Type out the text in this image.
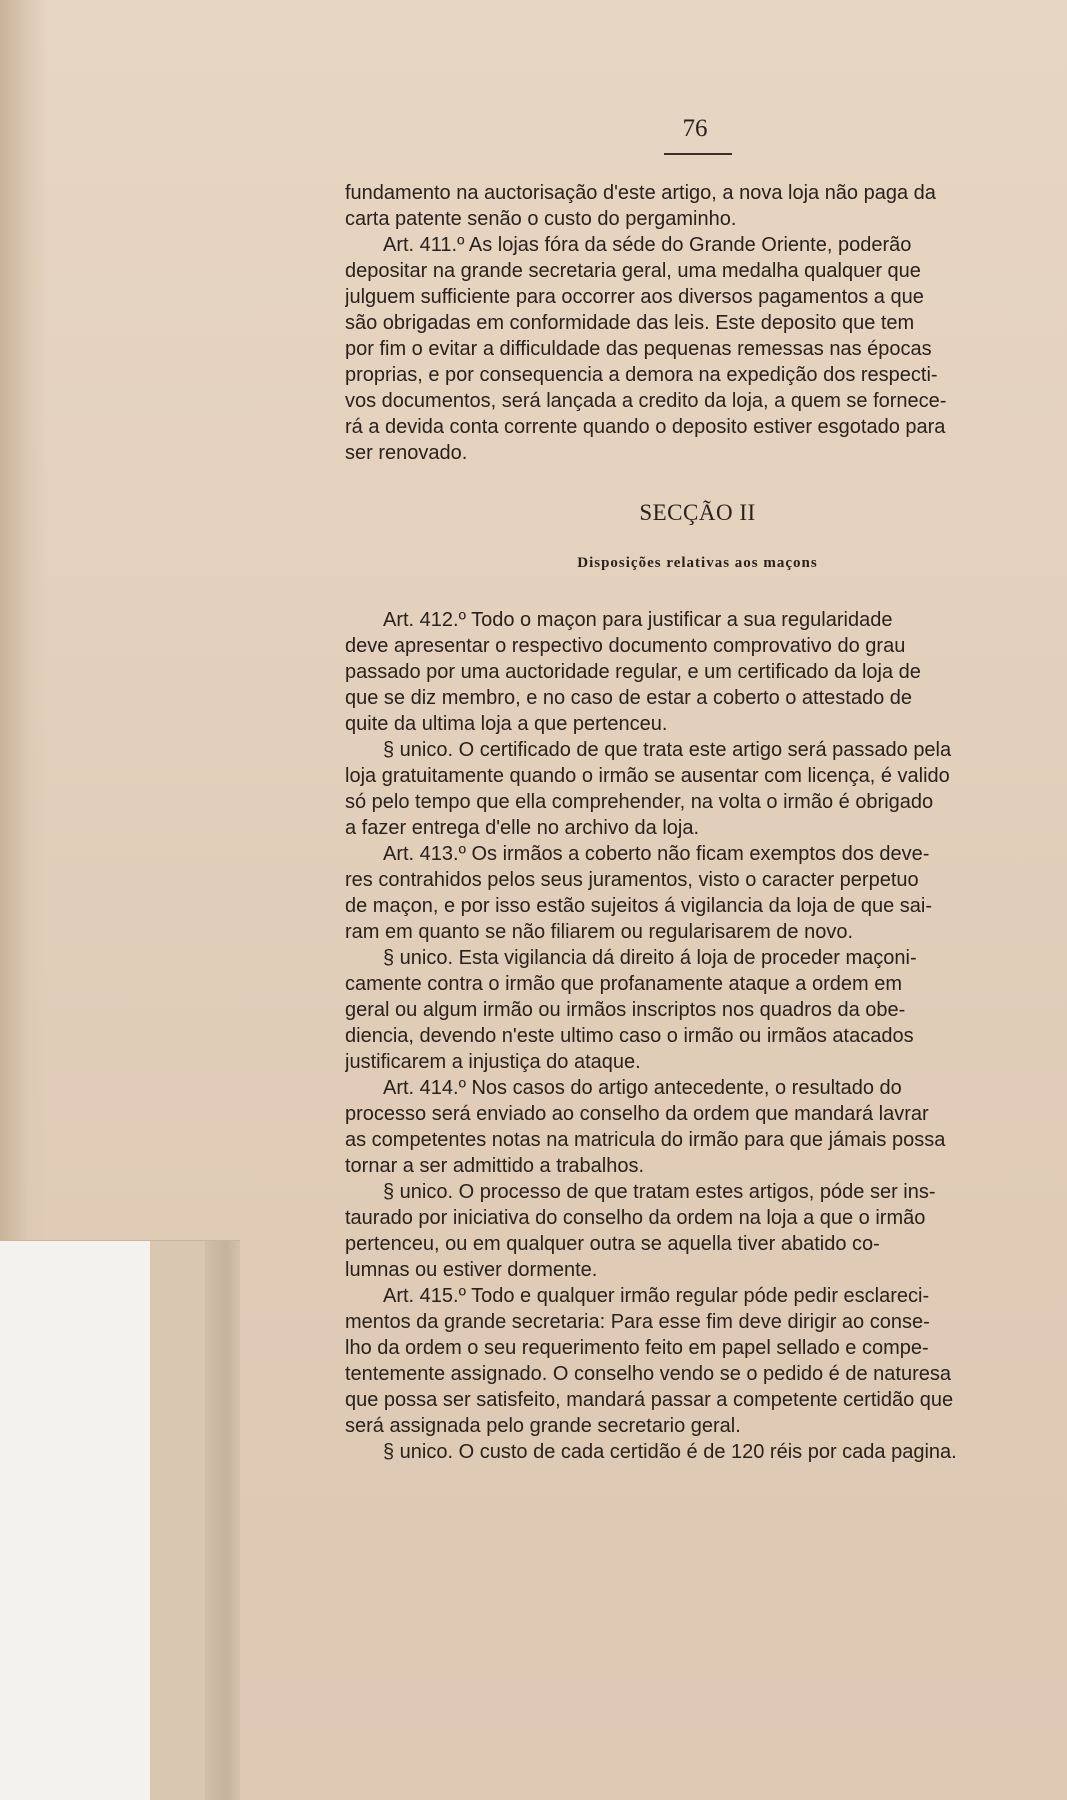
76
fundamento na auctorisação d'este artigo, a nova loja não paga da
carta patente senão o custo do pergaminho.
Art. 411.º As lojas fóra da séde do Grande Oriente, poderão
depositar na grande secretaria geral, uma medalha qualquer que
julguem sufficiente para occorrer aos diversos pagamentos a que
são obrigadas em conformidade das leis. Este deposito que tem
por fim o evitar a difficuldade das pequenas remessas nas épocas
proprias, e por consequencia a demora na expedição dos respecti-
vos documentos, será lançada a credito da loja, a quem se fornece-
rá a devida conta corrente quando o deposito estiver esgotado para
ser renovado.
SECÇÃO II
Disposições relativas aos maçons
Art. 412.º Todo o maçon para justificar a sua regularidade
deve apresentar o respectivo documento comprovativo do grau
passado por uma auctoridade regular, e um certificado da loja de
que se diz membro, e no caso de estar a coberto o attestado de
quite da ultima loja a que pertenceu.
§ unico. O certificado de que trata este artigo será passado pela
loja gratuitamente quando o irmão se ausentar com licença, é valido
só pelo tempo que ella comprehender, na volta o irmão é obrigado
a fazer entrega d'elle no archivo da loja.
Art. 413.º Os irmãos a coberto não ficam exemptos dos deve-
res contrahidos pelos seus juramentos, visto o caracter perpetuo
de maçon, e por isso estão sujeitos á vigilancia da loja de que sai-
ram em quanto se não filiarem ou regularisarem de novo.
§ unico. Esta vigilancia dá direito á loja de proceder maçoni-
camente contra o irmão que profanamente ataque a ordem em
geral ou algum irmão ou irmãos inscriptos nos quadros da obe-
diencia, devendo n'este ultimo caso o irmão ou irmãos atacados
justificarem a injustiça do ataque.
Art. 414.º Nos casos do artigo antecedente, o resultado do
processo será enviado ao conselho da ordem que mandará lavrar
as competentes notas na matricula do irmão para que jámais possa
tornar a ser admittido a trabalhos.
§ unico. O processo de que tratam estes artigos, póde ser ins-
taurado por iniciativa do conselho da ordem na loja a que o irmão
pertenceu, ou em qualquer outra se aquella tiver abatido co-
lumnas ou estiver dormente.
Art. 415.º Todo e qualquer irmão regular póde pedir esclareci-
mentos da grande secretaria: Para esse fim deve dirigir ao conse-
lho da ordem o seu requerimento feito em papel sellado e compe-
tentemente assignado. O conselho vendo se o pedido é de naturesa
que possa ser satisfeito, mandará passar a competente certidão que
será assignada pelo grande secretario geral.
§ unico. O custo de cada certidão é de 120 réis por cada pagina.
